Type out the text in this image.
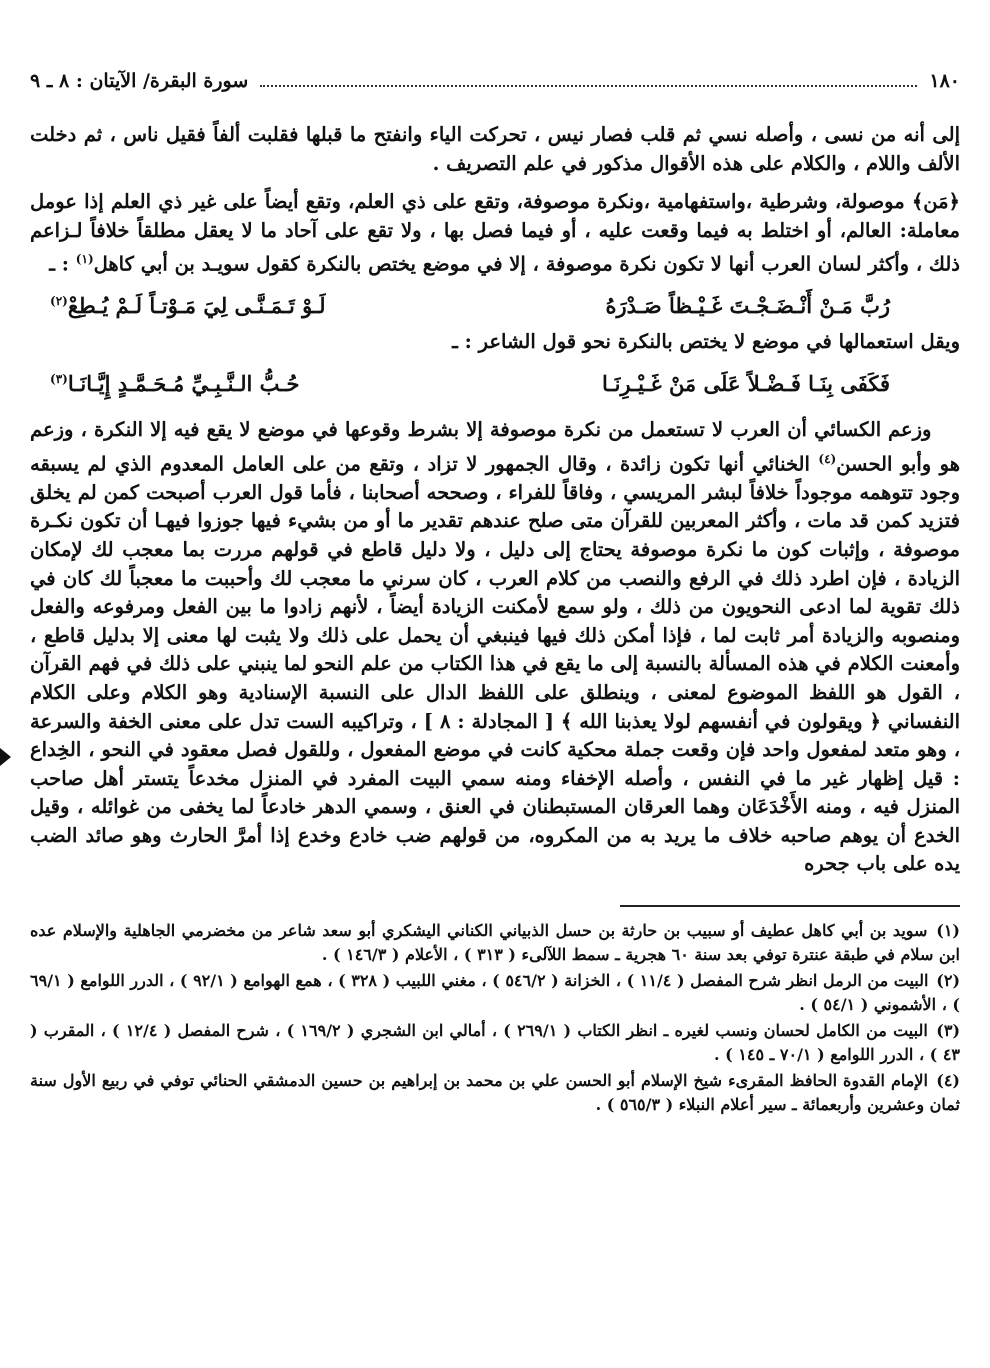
١٨٠
سورة البقرة/ الآيتان : ٨ ـ ٩

إلى أنه من نسى ، وأصله نسي ثم قلب فصار نيس ، تحركت الياء وانفتح ما قبلها فقلبت ألفاً فقيل ناس ، ثم دخلت الألف واللام ، والكلام على هذه الأقوال مذكور في علم التصريف .

﴿مَن﴾ موصولة، وشرطية ،واستفهامية ،ونكرة موصوفة، وتقع على ذي العلم، وتقع أيضاً على غير ذي العلم إذا عومل معاملة: العالم، أو اختلط به فيما وقعت عليه ، أو فيما فصل بها ، ولا تقع على آحاد ما لا يعقل مطلقاً خلافاً لـزاعم ذلك ، وأكثر لسان العرب أنها لا تكون نكرة موصوفة ، إلا في موضع يختص بالنكرة كقول سويـد بن أبي كاهل$^{(١)}$ : ـ

رُبَّ مَـنْ أَنْـضَـجْـتَ غَـيْـظاً صَـدْرَهُ
لَـوْ تَـمَـنَّـى لِيَ مَـوْتـاً لَـمْ يُـطِعْ$^{(٢)}$

ويقل استعمالها في موضع لا يختص بالنكرة نحو قول الشاعر : ـ

فَكَفَى بِنَـا فَـضْـلاً عَلَى مَنْ غَـيْـرِنَـا
حُـبُّ الـنَّـبِـيِّ مُـحَـمَّـدٍ إِيَّـانَـا$^{(٣)}$

وزعم الكسائي أن العرب لا تستعمل من نكرة موصوفة إلا بشرط وقوعها في موضع لا يقع فيه إلا النكرة ، وزعم هو وأبو الحسن$^{(٤)}$ الخنائي أنها تكون زائدة ، وقال الجمهور لا تزاد ، وتقع من على العامل المعدوم الذي لم يسبقه وجود تتوهمه موجوداً خلافاً لبشر المريسي ، وفاقاً للفراء ، وصححه أصحابنا ، فأما قول العرب أصبحت كمن لم يخلق فتزيد كمن قد مات ، وأكثر المعربين للقرآن متى صلح عندهم تقدير ما أو من بشيء فيها جوزوا فيهـا أن تكون نكـرة موصوفة ، وإثبات كون ما نكرة موصوفة يحتاج إلى دليل ، ولا دليل قاطع في قولهم مررت بما معجب لك لإمكان الزيادة ، فإن اطرد ذلك في الرفع والنصب من كلام العرب ، كان سرني ما معجب لك وأحببت ما معجباً لك كان في ذلك تقوية لما ادعى النحويون من ذلك ، ولو سمع لأمكنت الزيادة أيضاً ، لأنهم زادوا ما بين الفعل ومرفوعه والفعل ومنصوبه والزيادة أمر ثابت لما ، فإذا أمكن ذلك فيها فينبغي أن يحمل على ذلك ولا يثبت لها معنى إلا بدليل قاطع ، وأمعنت الكلام في هذه المسألة بالنسبة إلى ما يقع في هذا الكتاب من علم النحو لما ينبني على ذلك في فهم القرآن ، القول هو اللفظ الموضوع لمعنى ، وينطلق على اللفظ الدال على النسبة الإسنادية وهو الكلام وعلى الكلام النفساني ﴿ ويقولون في أنفسهم لولا يعذبنا الله ﴾ [ المجادلة : ٨ ] ، وتراكيبه الست تدل على معنى الخفة والسرعة ، وهو متعد لمفعول واحد فإن وقعت جملة محكية كانت في موضع المفعول ، وللقول فصل معقود في النحو ، الخِداع : قيل إظهار غير ما في النفس ، وأصله الإخفاء ومنه سمي البيت المفرد في المنزل مخدعاً يتستر أهل صاحب المنزل فيه ، ومنه الأَخْدَعَان وهما العرقان المستبطنان في العنق ، وسمي الدهر خادعاً لما يخفى من غوائله ، وقيل الخدع أن يوهم صاحبه خلاف ما يريد به من المكروه، من قولهم ضب خادع وخدع إذا أمرَّ الحارث وهو صائد الضب يده على باب جحره

(١) سويد بن أبي كاهل عطيف أو سبيب بن حارثة بن حسل الذبياني الكناني اليشكري أبو سعد شاعر من مخضرمي الجاهلية والإسلام عده ابن سلام في طبقة عنترة توفي بعد سنة ٦٠ هجرية ـ سمط اللآلىء ( ٣١٣ ) ، الأعلام ( ١٤٦/٣ ) .
(٢) البيت من الرمل انظر شرح المفصل ( ١١/٤ ) ، الخزانة ( ٥٤٦/٢ ) ، مغني اللبيب ( ٣٢٨ ) ، همع الهوامع ( ٩٢/١ ) ، الدرر اللوامع ( ٦٩/١ ) ، الأشموني ( ٥٤/١ ) .
(٣) البيت من الكامل لحسان ونسب لغيره ـ انظر الكتاب ( ٢٦٩/١ ) ، أمالي ابن الشجري ( ١٦٩/٢ ) ، شرح المفصل ( ١٢/٤ ) ، المقرب ( ٤٣ ) ، الدرر اللوامع ( ٧٠/١ ـ ١٤٥ ) .
(٤) الإمام القدوة الحافظ المقرىء شيخ الإسلام أبو الحسن علي بن محمد بن إبراهيم بن حسين الدمشقي الحنائي توفي في ربيع الأول سنة ثمان وعشرين وأربعمائة ـ سير أعلام النبلاء ( ٥٦٥/٣ ) .
